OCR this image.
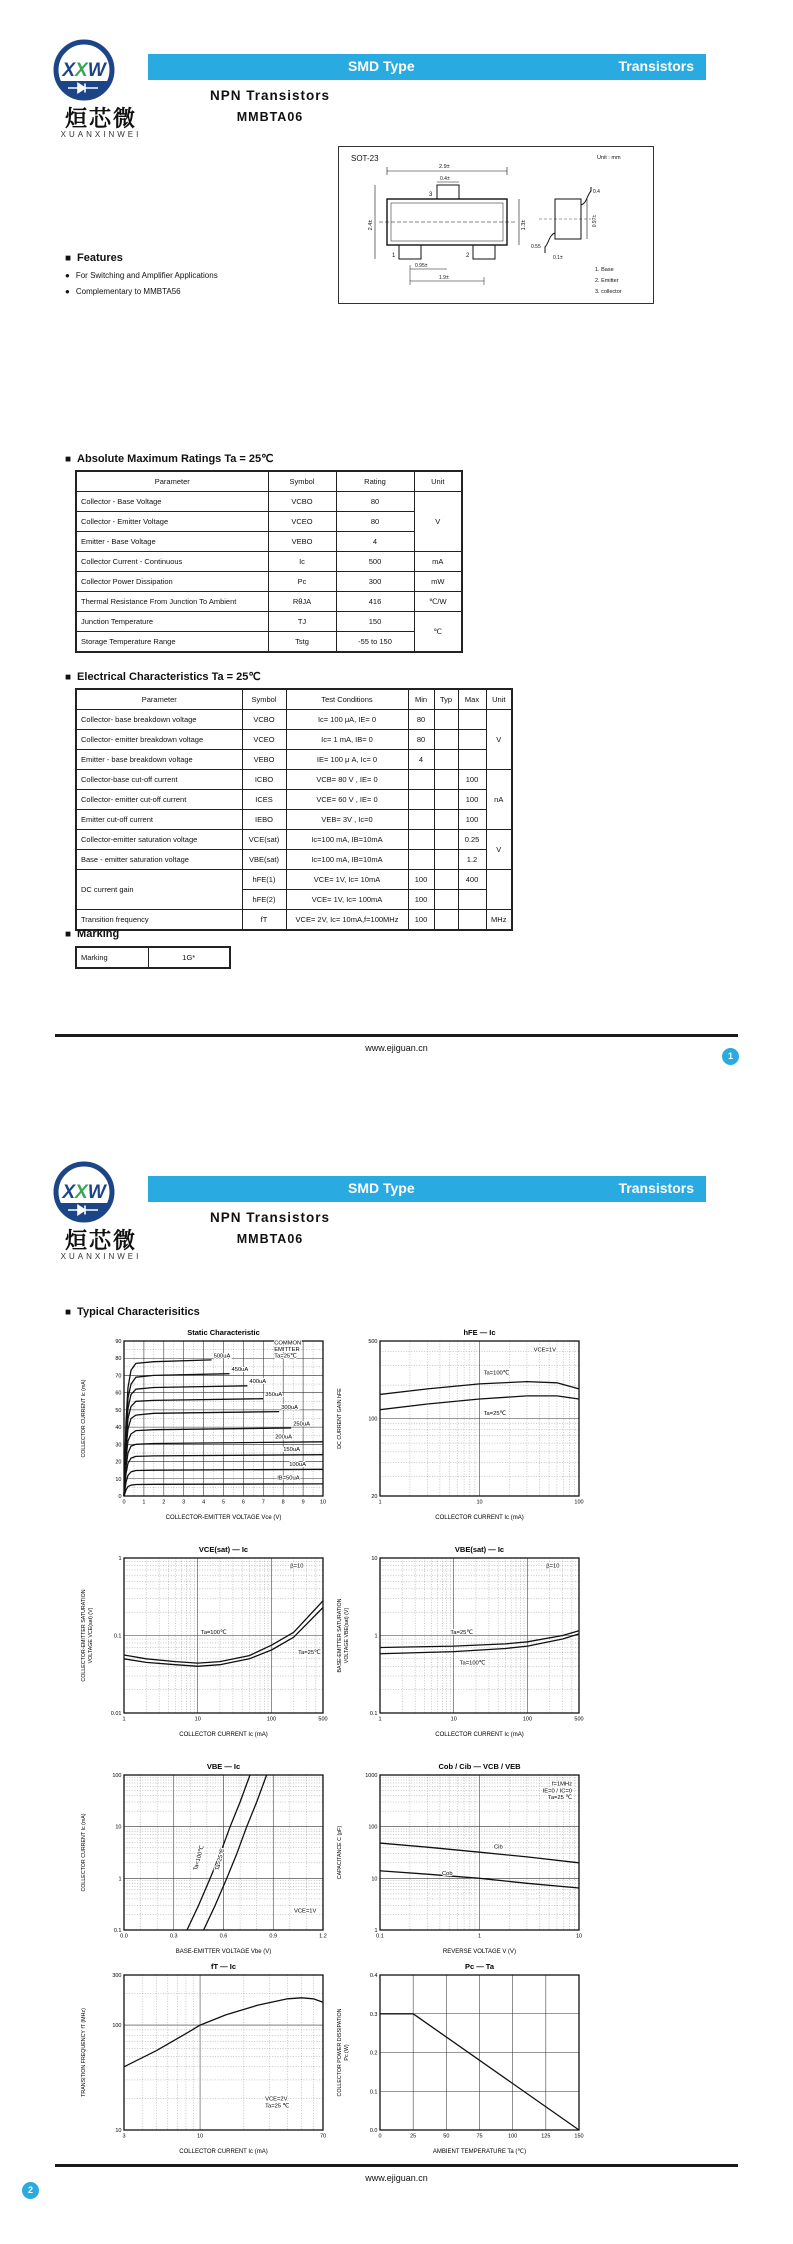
XXW
烜芯微
XUANXINWEI
SMD Type	Transistors
NPN Transistors
MMBTA06
SOT-23	Unit : mm
2.9±
0.4±
3
1	2
2.4±	1.3±
0.95±
1.9±
0.4
0.55
0.1±
0.97±
1. Base
2. Emitter
3. collector
■ Features
● For Switching and Amplifier Applications
● Complementary to MMBTA56
■ Absolute Maximum Ratings Ta = 25℃
Parameter	Symbol	Rating	Unit
Collector - Base Voltage	VCBO	80	V
Collector - Emitter Voltage	VCEO	80	
Emitter - Base Voltage	VEBO	4	
Collector Current - Continuous	Ic	500	mA
Collector Power Dissipation	Pc	300	mW
Thermal Resistance From Junction To Ambient	RθJA	416	℃/W
Junction Temperature	TJ	150	℃
Storage Temperature Range	Tstg	-55 to 150	
■ Electrical Characteristics Ta = 25℃
Parameter	Symbol	Test Conditions	Min	Typ	Max	Unit
Collector- base breakdown voltage	VCBO	Ic= 100 μA, IE= 0	80			V
Collector- emitter breakdown voltage	VCEO	Ic= 1 mA, IB= 0	80			
Emitter - base breakdown voltage	VEBO	IE= 100 μ A, Ic= 0	4			
Collector-base cut-off current	ICBO	VCB= 80 V , IE= 0			100	nA
Collector- emitter cut-off current	ICES	VCE= 60 V , IE= 0			100	
Emitter cut-off current	IEBO	VEB= 3V , Ic=0			100	
Collector-emitter saturation voltage	VCE(sat)	Ic=100 mA, IB=10mA			0.25	V
Base - emitter saturation voltage	VBE(sat)	Ic=100 mA, IB=10mA			1.2	
DC current gain	hFE(1)	VCE= 1V, Ic= 10mA	100		400	
	hFE(2)	VCE= 1V, Ic= 100mA	100			
Transition frequency	fT	VCE= 2V, Ic= 10mA,f=100MHz	100			MHz
■ Marking
Marking	1G*
www.ejiguan.cn
1
XXW
烜芯微
XUANXINWEI
SMD Type	Transistors
NPN Transistors
MMBTA06
■ Typical Characterisitics
Static Characteristic
0	1	2	3	4	5	6	7	8	9	10
0
10
20
30
40
50
60
70
80
90
500uA
450uA
400uA
350uA
300uA
250uA
200uA
150uA
100uA
IB=50uA
COMMON
EMITTER
Ta=25℃
COLLECTOR-EMITTER VOLTAGE Vce (V)
COLLECTOR CURRENT Ic (mA)
hFE — Ic
1	10	100
20
100
500
Ta=100℃
Ta=25℃
VCE=1V
COLLECTOR CURRENT Ic (mA)
DC CURRENT GAIN hFE
VCE(sat) — Ic
1	10	100	500
0.01
0.1
1
Ta=100℃
Ta=25℃
β=10
COLLECTOR CURRENT Ic (mA)
COLLECTOR-EMITTER SATURATION VOLTAGE VCE(sat) (V)
VBE(sat) — Ic
1	10	100	500
0.1
1
10
Ta=25℃
Ta=100℃
β=10
COLLECTOR CURRENT Ic (mA)
BASE-EMITTER SATURATION VOLTAGE VBE(sat) (V)
VBE — Ic
0.0	0.3	0.6	0.9	1.2
0.1
1
10
100
Ta=100℃ Ta=25℃
VCE=1V
BASE-EMITTER VOLTAGE Vbe (V)
COLLECTOR CURRENT Ic (mA)
Cob / Cib — VCB / VEB
0.1	1	10
1
10
100
1000
Cib
Cob
f=1MHz
IE=0 / IC=0
Ta=25 ℃
REVERSE VOLTAGE V (V)
CAPACITANCE C (pF)
fT — Ic
3	10	70
10
100
300
VCE=2V
Ta=25 ℃
COLLECTOR CURRENT Ic (mA)
TRANSITION FREQUENCY fT (MHz)
Pc — Ta
0	25	50	75	100	125	150
0.0
0.1
0.2
0.3
0.4
AMBIENT TEMPERATURE Ta (℃)
COLLECTOR POWER DISSIPATION Pc (W)
www.ejiguan.cn
2
